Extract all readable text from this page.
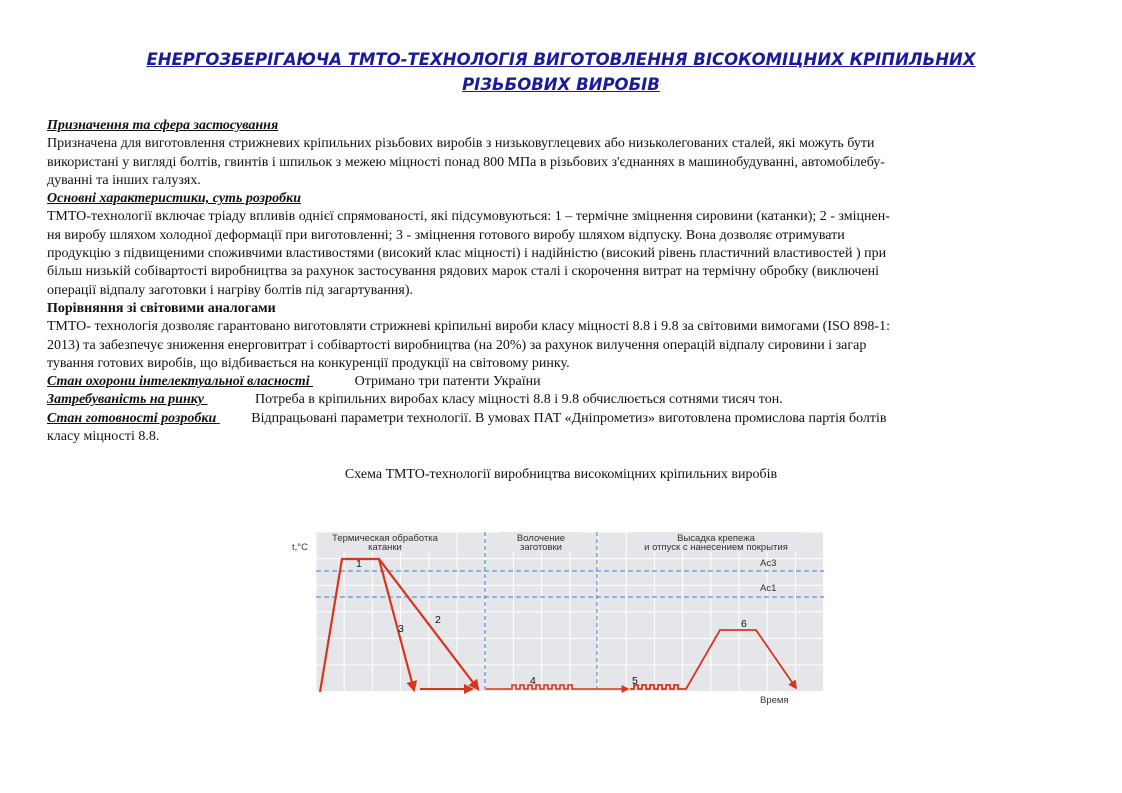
ЕНЕРГОЗБЕРІГАЮЧА ТМТО-ТЕХНОЛОГІЯ ВИГОТОВЛЕННЯ ВІСОКОМІЦНИХ КРІПИЛЬНИХ
РІЗЬБОВИХ ВИРОБІВ
Призначення та сфера застосування
Призначена для виготовлення стрижневих кріпильних різьбових виробів з низьковуглецевих або низьколегованих сталей, які можуть бути
використані у вигляді болтів, гвинтів і шпильок з межею міцності понад 800 МПа в різьбових з'єднаннях в машинобудуванні, автомобілебу-
дуванні та інших галузях.
Основні характеристики, суть розробки
ТМТО-технології включає тріаду впливів однієї спрямованості, які підсумовуються: 1 – термічне зміцнення сировини (катанки); 2 - зміцнен-
ня виробу шляхом холодної деформації при виготовленні; 3 - зміцнення готового виробу шляхом відпуску. Вона дозволяє отримувати
продукцію з підвищеними споживчими властивостями (високий клас міцності) і надійністю (високий рівень пластичний властивостей ) при
більш низькій собівартості виробництва за рахунок застосування рядових марок сталі і скорочення витрат на термічну обробку (виключені
операції відпалу заготовки і нагріву болтів під загартування).
Порівняння зі світовими аналогами
ТМТО- технологія дозволяє гарантовано виготовляти стрижневі кріпильні вироби класу міцності 8.8 і 9.8 за світовими вимогами (ISO 898-1:
2013) та забезпечує зниження енерговитрат і собівартості виробництва (на 20%) за рахунок вилучення операцій відпалу сировини і загар
тування готових виробів, що відбивається на конкуренції продукції на світовому ринку.
Стан охорони інтелектуальної власності	Отримано три патенти України
Затребуваність на ринку	Потреба в кріпильних виробах класу міцності 8.8 і 9.8 обчислюється сотнями тисяч тон.
Стан готовності розробки	Відпрацьовані параметри технології. В умовах ПАТ «Дніпрометиз» виготовлена промислова партія болтів
класу міцності 8.8.
Схема ТМТО-технології виробництва високоміцних кріпильних виробів
Термическая обработка
катанки
Волочение
заготовки
Высадка крепежа
и отпуск с нанесением покрытия
t,°C
Время
Ac3
Ac1
1
2
3
4	5
6
